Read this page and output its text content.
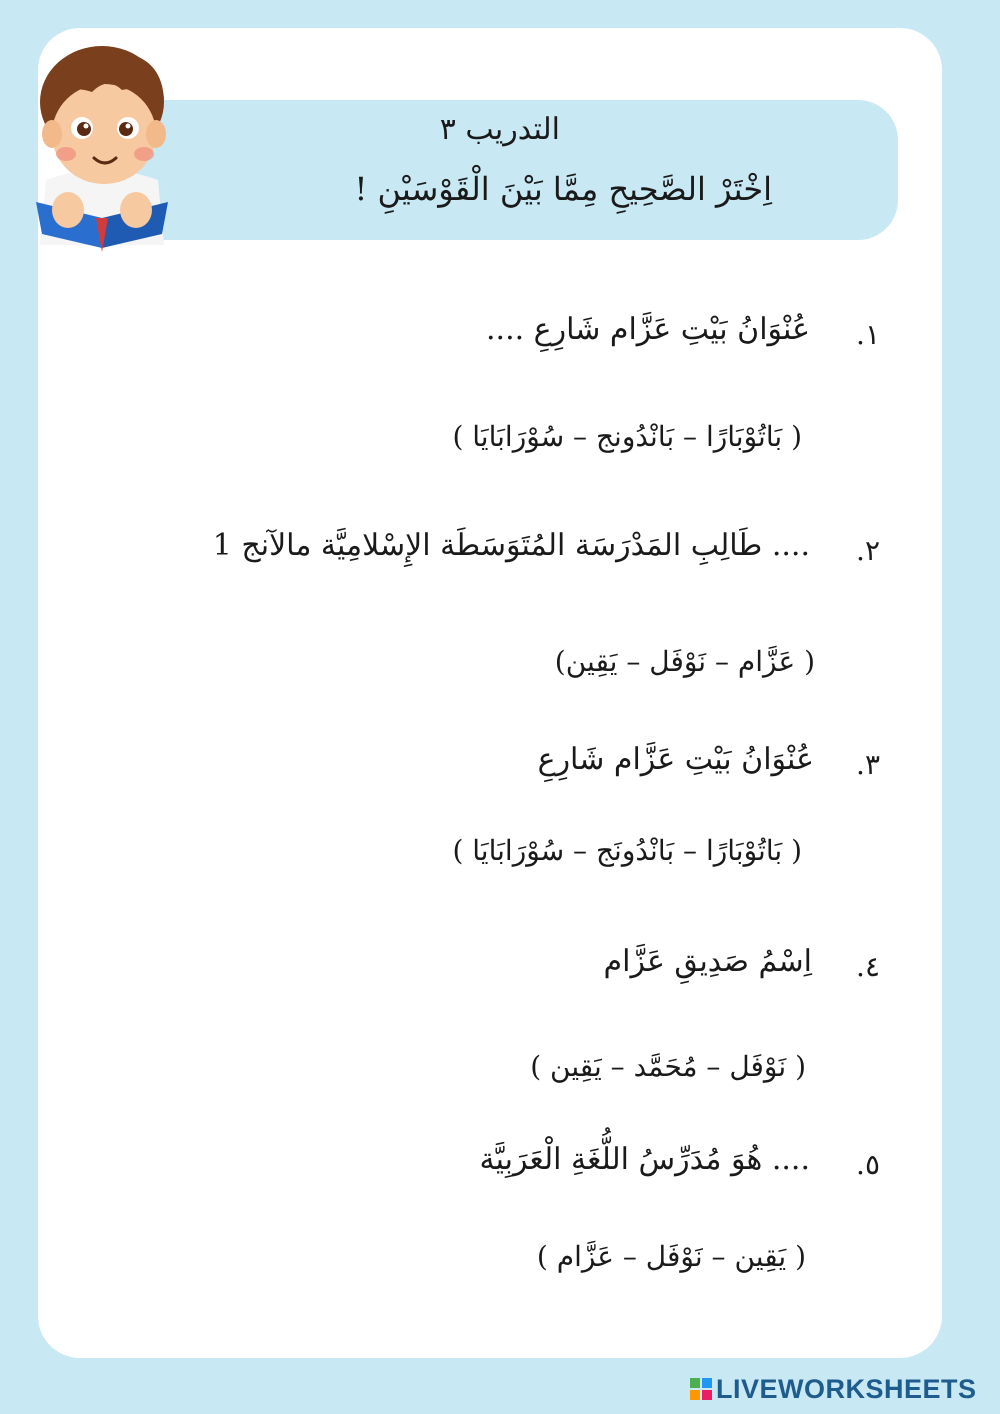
التدريب ٣
اِخْتَرْ الصَّحِيحِ مِمَّا بَيْنَ الْقَوْسَيْنِ !
١.
عُنْوَانُ بَيْتِ عَزَّام شَارِعِ ....
( بَاتُوْبَارًا – بَانْدُونج – سُوْرَابَايَا )
٢.
.... طَالِبِ المَدْرَسَة المُتَوَسَطَة الإِسْلامِيَّة مالآنج 1
( عَزَّام – نَوْفَل – يَقِين)
٣.
عُنْوَانُ بَيْتِ عَزَّام شَارِعِ
( بَاتُوْبَارًا – بَانْدُونَج – سُوْرَابَايَا )
٤.
اِسْمُ صَدِيقِ عَزَّام
( نَوْفَل – مُحَمَّد – يَقِين )
٥.
.... هُوَ مُدَرِّسُ اللُّغَةِ الْعَرَبِيَّة
( يَقِين – نَوْفَل – عَزَّام )
LIVEWORKSHEETS
